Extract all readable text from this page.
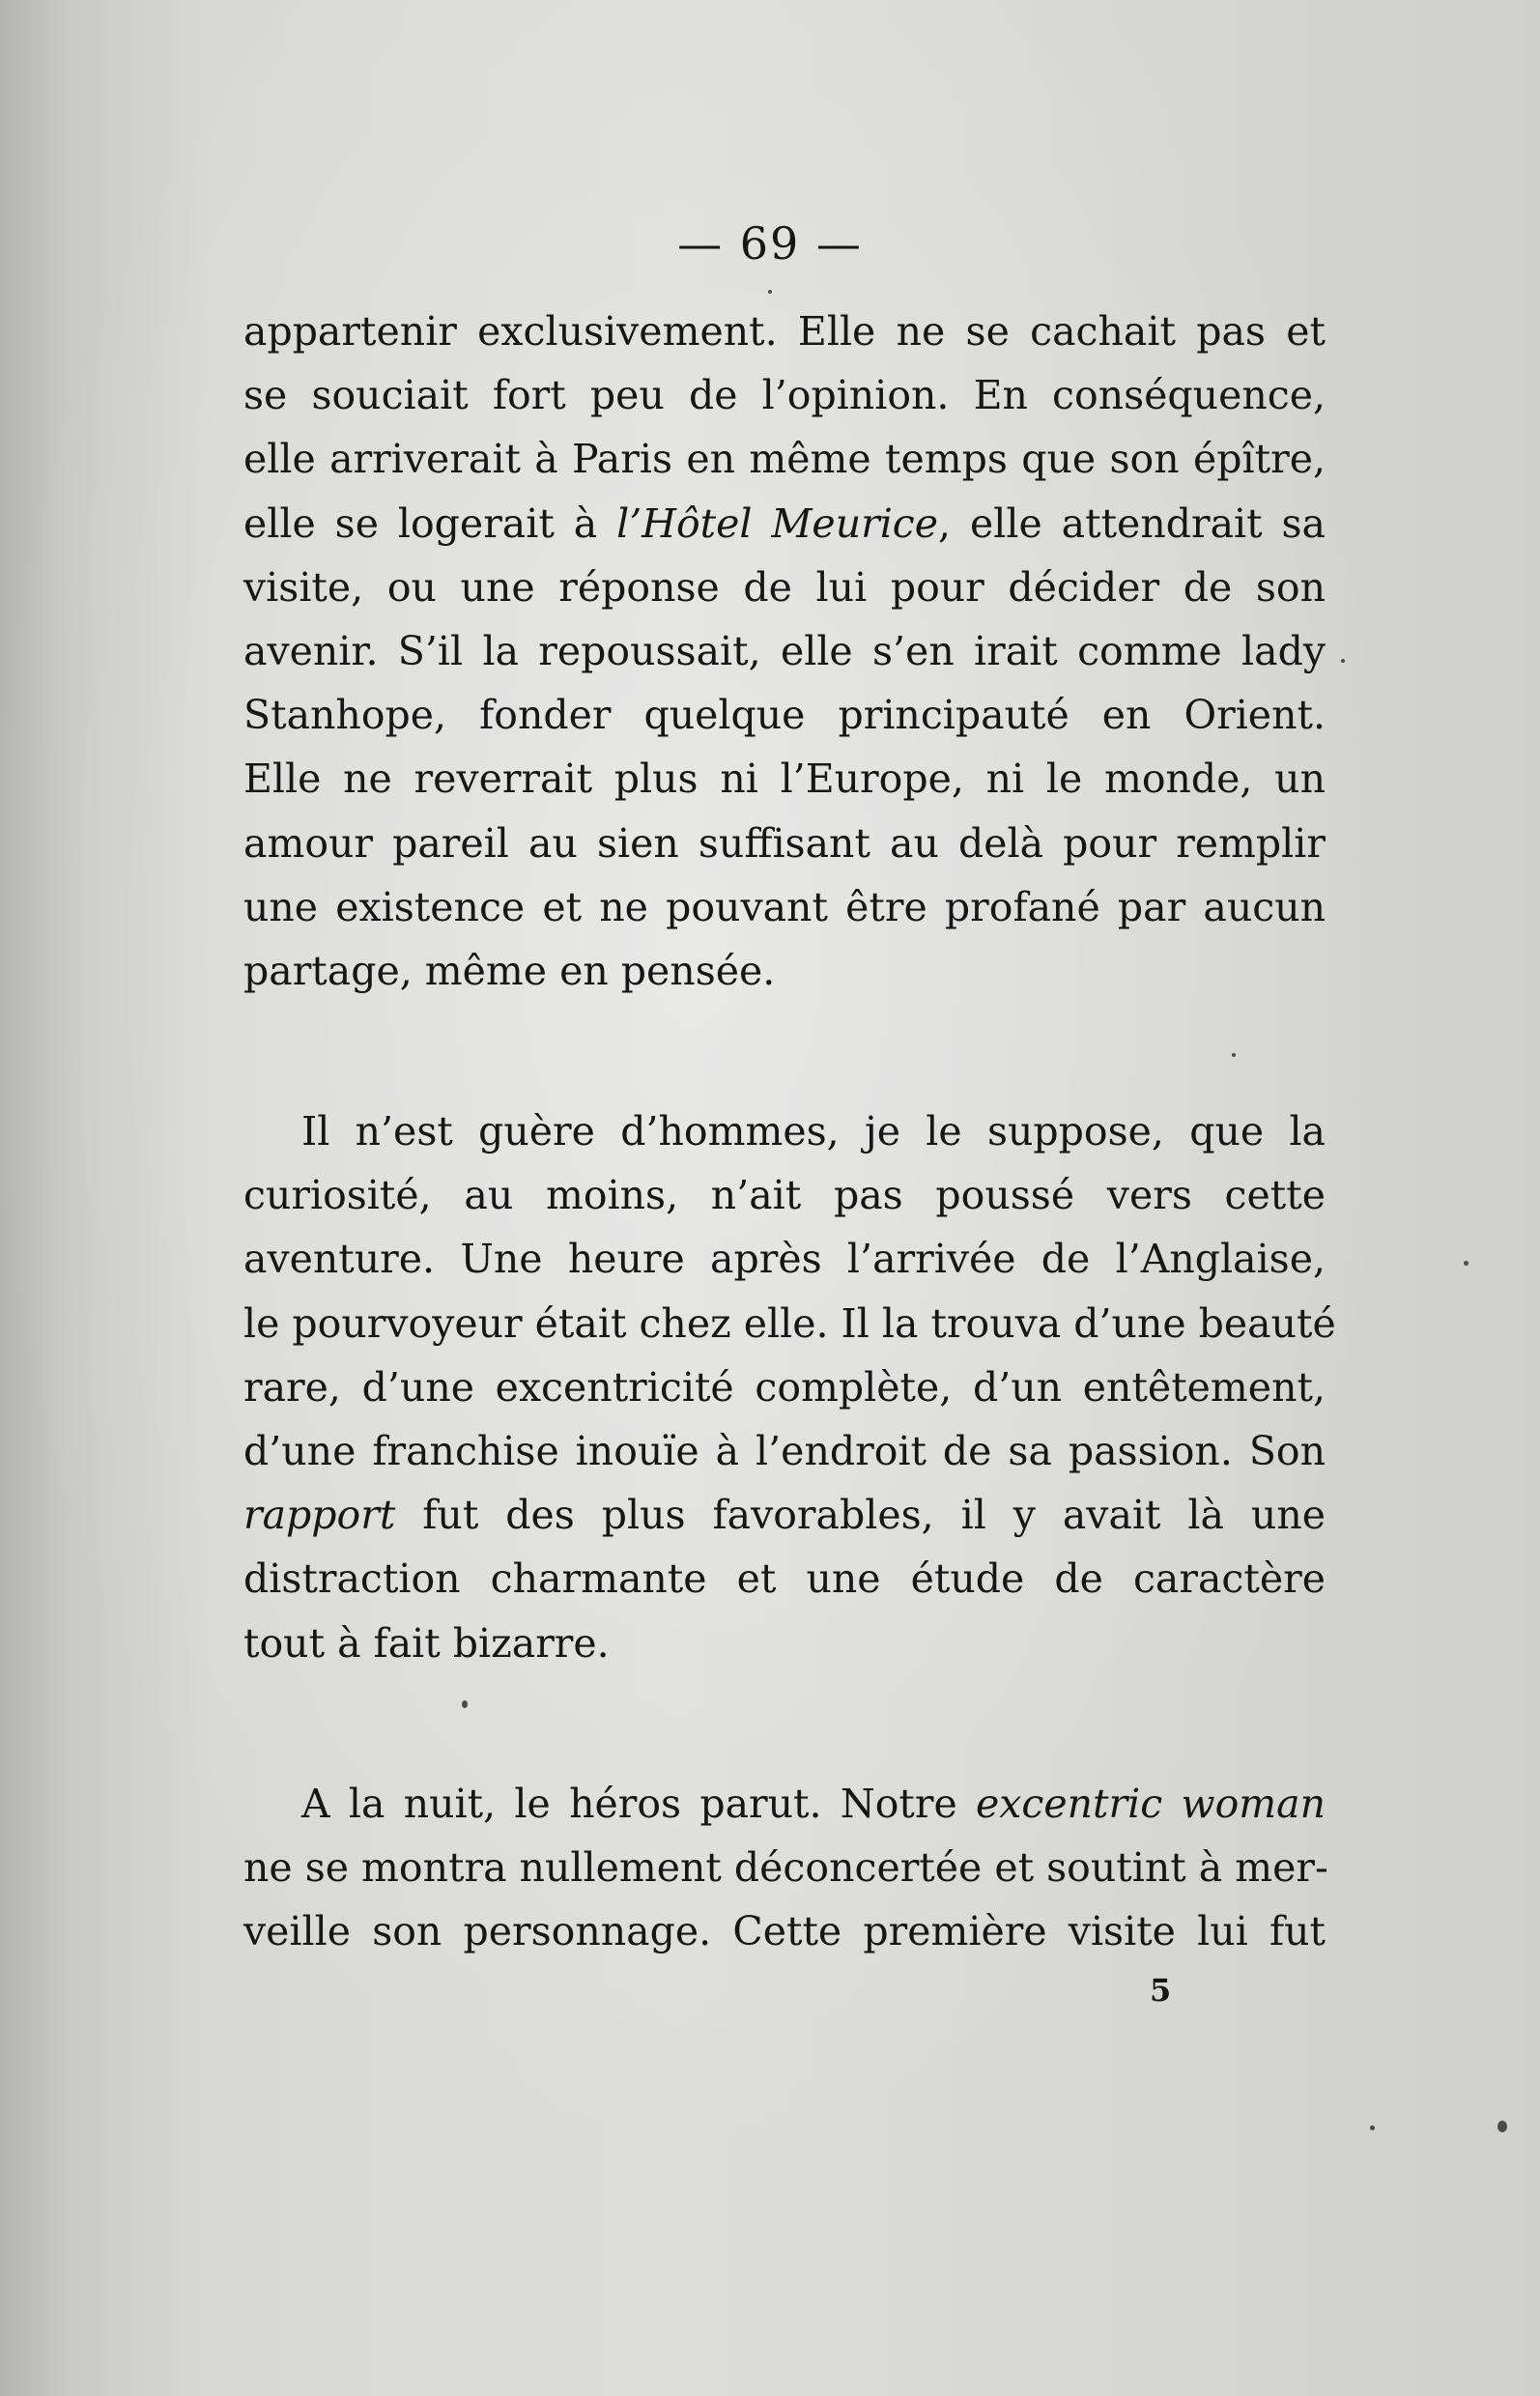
— 69 —
appartenir exclusivement. Elle ne se cachait pas et
se souciait fort peu de l’opinion. En conséquence,
elle arriverait à Paris en même temps que son épître,
elle se logerait à l’Hôtel Meurice, elle attendrait sa
visite, ou une réponse de lui pour décider de son
avenir. S’il la repoussait, elle s’en irait comme lady
Stanhope, fonder quelque principauté en Orient.
Elle ne reverrait plus ni l’Europe, ni le monde, un
amour pareil au sien suffisant au delà pour remplir
une existence et ne pouvant être profané par aucun
partage, même en pensée.
Il n’est guère d’hommes, je le suppose, que la
curiosité, au moins, n’ait pas poussé vers cette
aventure. Une heure après l’arrivée de l’Anglaise,
le pourvoyeur était chez elle. Il la trouva d’une beauté
rare, d’une excentricité complète, d’un entêtement,
d’une franchise inouïe à l’endroit de sa passion. Son
rapport fut des plus favorables, il y avait là une
distraction charmante et une étude de caractère
tout à fait bizarre.
A la nuit, le héros parut. Notre excentric woman
ne se montra nullement déconcertée et soutint à mer-
veille son personnage. Cette première visite lui fut
5
